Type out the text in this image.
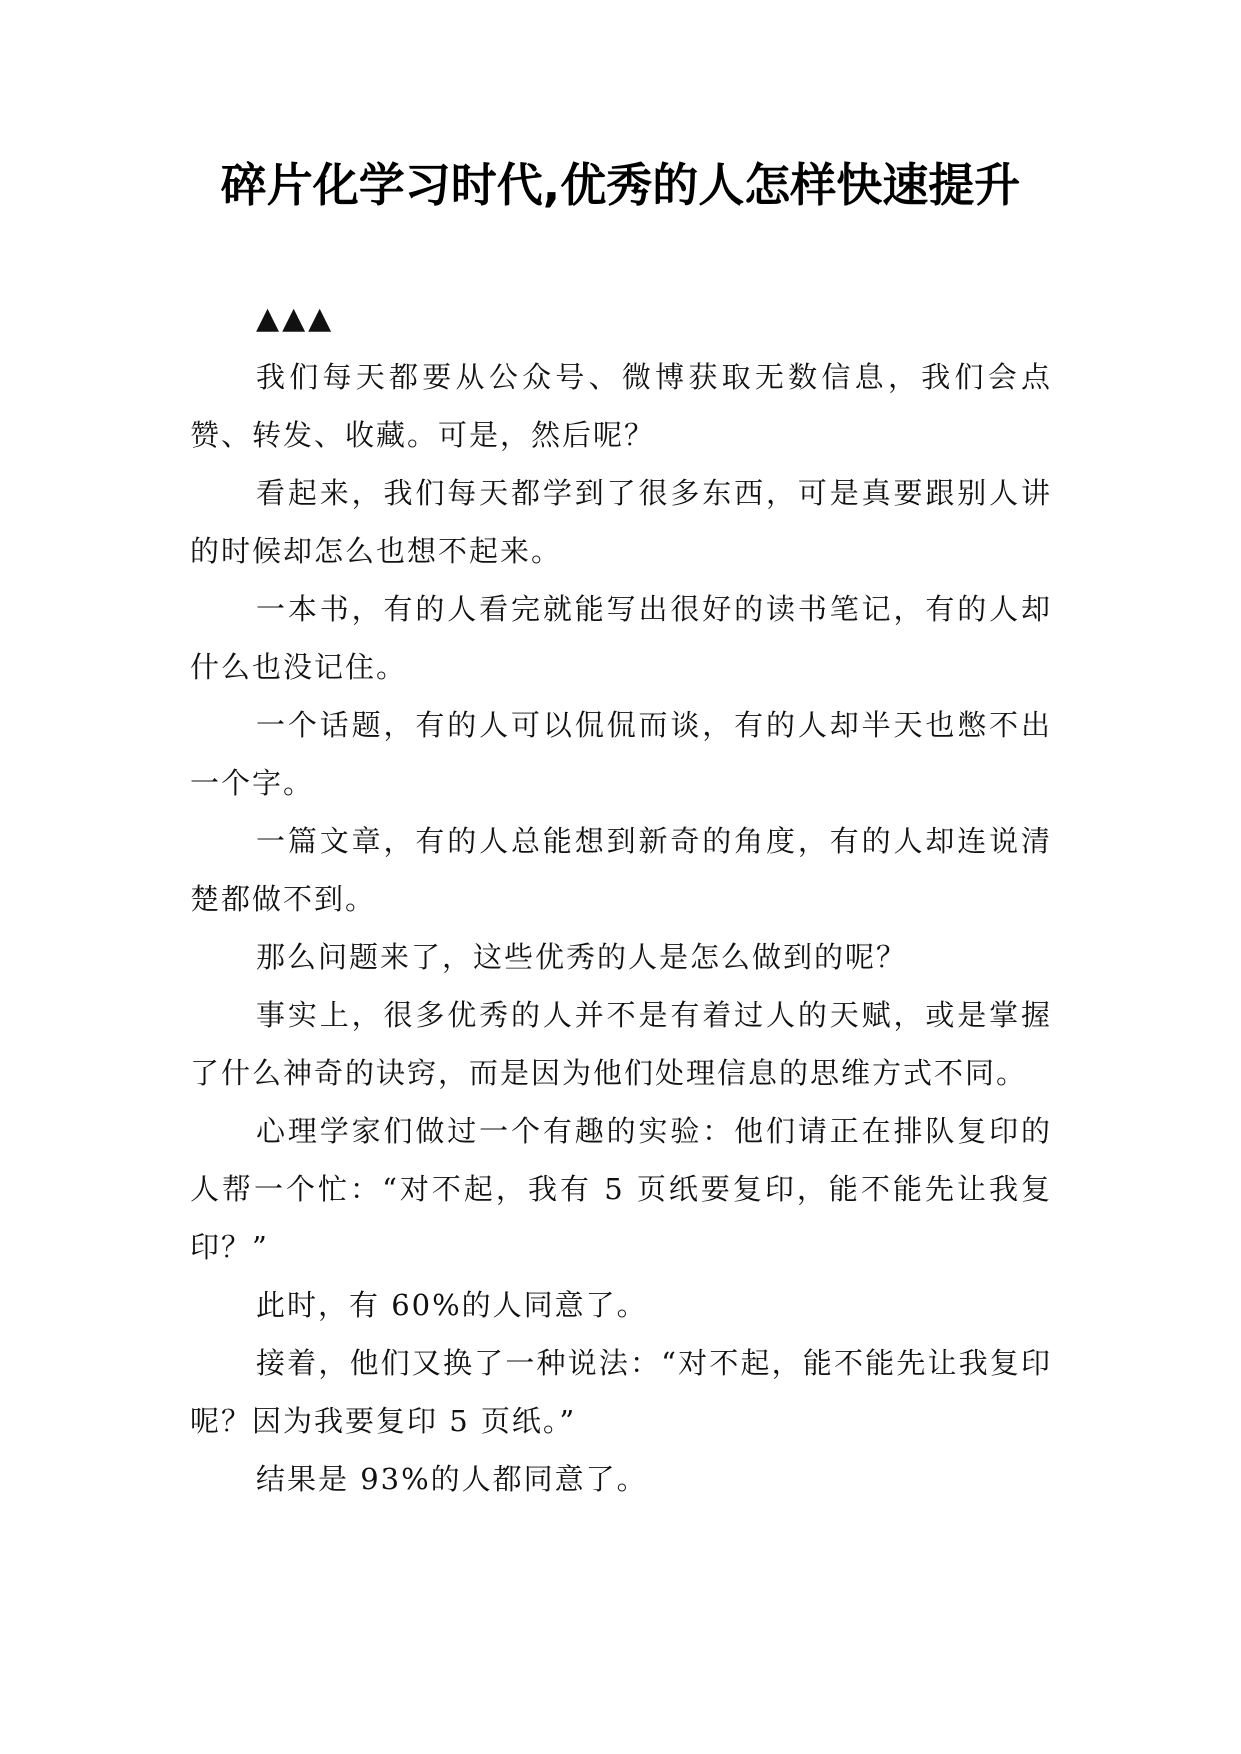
碎片化学习时代,优秀的人怎样快速提升

▲▲▲

我们每天都要从公众号、微博获取无数信息，我们会点赞、转发、收藏。可是，然后呢？

看起来，我们每天都学到了很多东西，可是真要跟别人讲的时候却怎么也想不起来。

一本书，有的人看完就能写出很好的读书笔记，有的人却什么也没记住。

一个话题，有的人可以侃侃而谈，有的人却半天也憋不出一个字。

一篇文章，有的人总能想到新奇的角度，有的人却连说清楚都做不到。

那么问题来了，这些优秀的人是怎么做到的呢？

事实上，很多优秀的人并不是有着过人的天赋，或是掌握了什么神奇的诀窍，而是因为他们处理信息的思维方式不同。

心理学家们做过一个有趣的实验：他们请正在排队复印的人帮一个忙：“对不起，我有 5 页纸要复印，能不能先让我复印？”

此时，有 60%的人同意了。

接着，他们又换了一种说法：“对不起，能不能先让我复印呢？因为我要复印 5 页纸。”

结果是 93%的人都同意了。
